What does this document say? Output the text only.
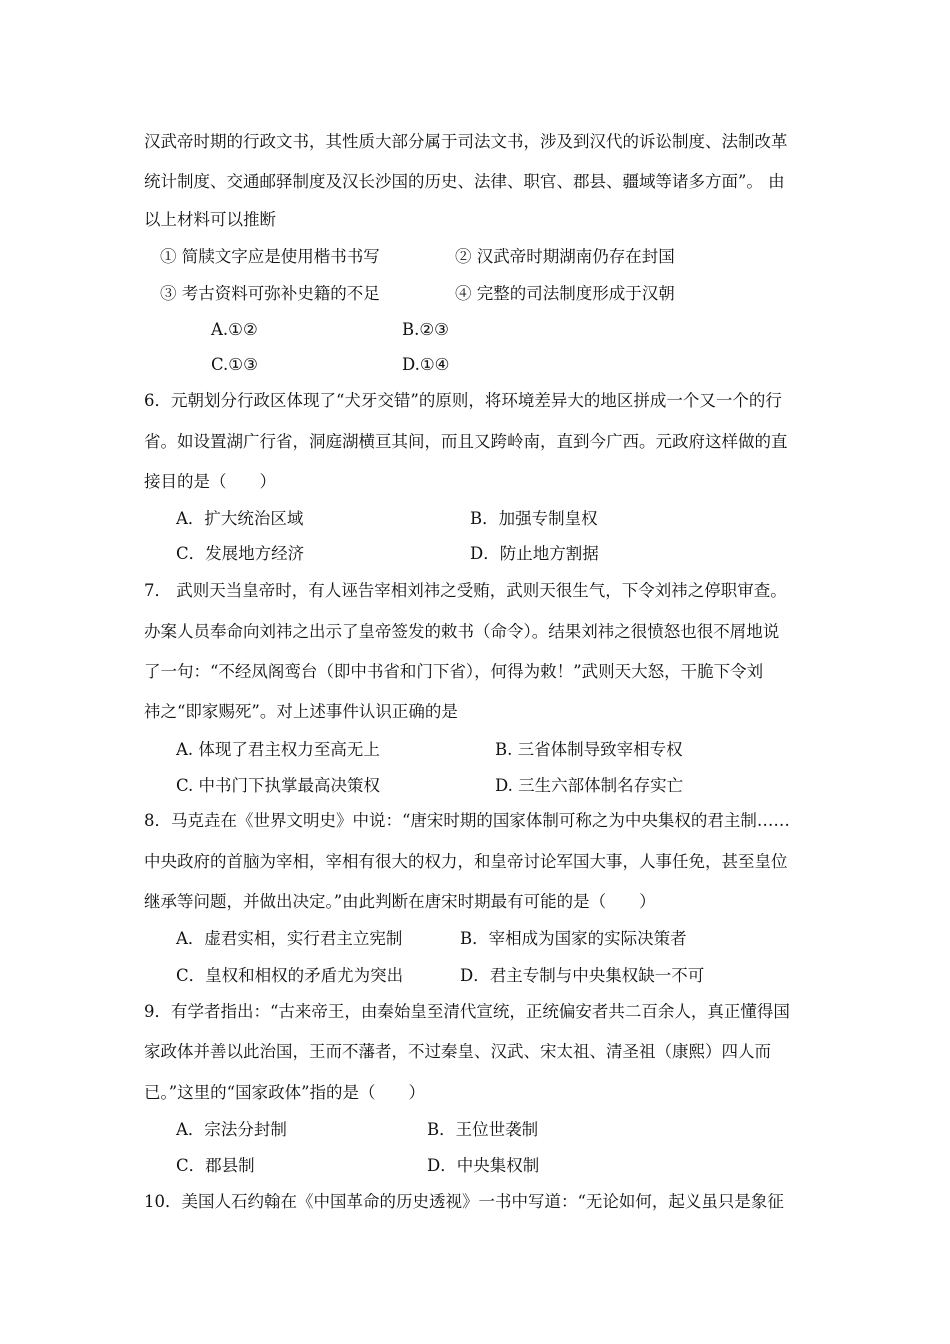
汉武帝时期的行政文书，其性质大部分属于司法文书，涉及到汉代的诉讼制度、法制改革
统计制度、交通邮驿制度及汉长沙国的历史、法律、职官、郡县、疆域等诸多方面”。 由
以上材料可以推断
① 简牍文字应是使用楷书书写	② 汉武帝时期湖南仍存在封国
③ 考古资料可弥补史籍的不足	④ 完整的司法制度形成于汉朝
A.①②	B.②③
C.①③	D.①④
6．元朝划分行政区体现了“犬牙交错”的原则，将环境差异大的地区拼成一个又一个的行
省。如设置湖广行省，洞庭湖横亘其间，而且又跨岭南，直到今广西。元政府这样做的直
接目的是（　　）
A．扩大统治区域	B．加强专制皇权
C．发展地方经济	D．防止地方割据
7． 武则天当皇帝时，有人诬告宰相刘祎之受贿，武则天很生气，下令刘祎之停职审查。
办案人员奉命向刘祎之出示了皇帝签发的敕书（命令）。结果刘祎之很愤怒也很不屑地说
了一句：“不经凤阁鸾台（即中书省和门下省），何得为敕！”武则天大怒，干脆下令刘
祎之“即家赐死”。对上述事件认识正确的是
A. 体现了君主权力至高无上	B. 三省体制导致宰相专权
C. 中书门下执掌最高决策权	D. 三生六部体制名存实亡
8．马克垚在《世界文明史》中说：“唐宋时期的国家体制可称之为中央集权的君主制……
中央政府的首脑为宰相，宰相有很大的权力，和皇帝讨论军国大事，人事任免，甚至皇位
继承等问题，并做出决定。”由此判断在唐宋时期最有可能的是（　　）
A．虚君实相，实行君主立宪制	B．宰相成为国家的实际决策者
C．皇权和相权的矛盾尤为突出	D．君主专制与中央集权缺一不可
9．有学者指出：“古来帝王，由秦始皇至清代宣统，正统偏安者共二百余人，真正懂得国
家政体并善以此治国，王而不藩者，不过秦皇、汉武、宋太祖、清圣祖（康熙）四人而
已。”这里的“国家政体”指的是（　　）
A．宗法分封制	B．王位世袭制
C．郡县制	D．中央集权制
10．美国人石约翰在《中国革命的历史透视》一书中写道：“无论如何，起义虽只是象征
